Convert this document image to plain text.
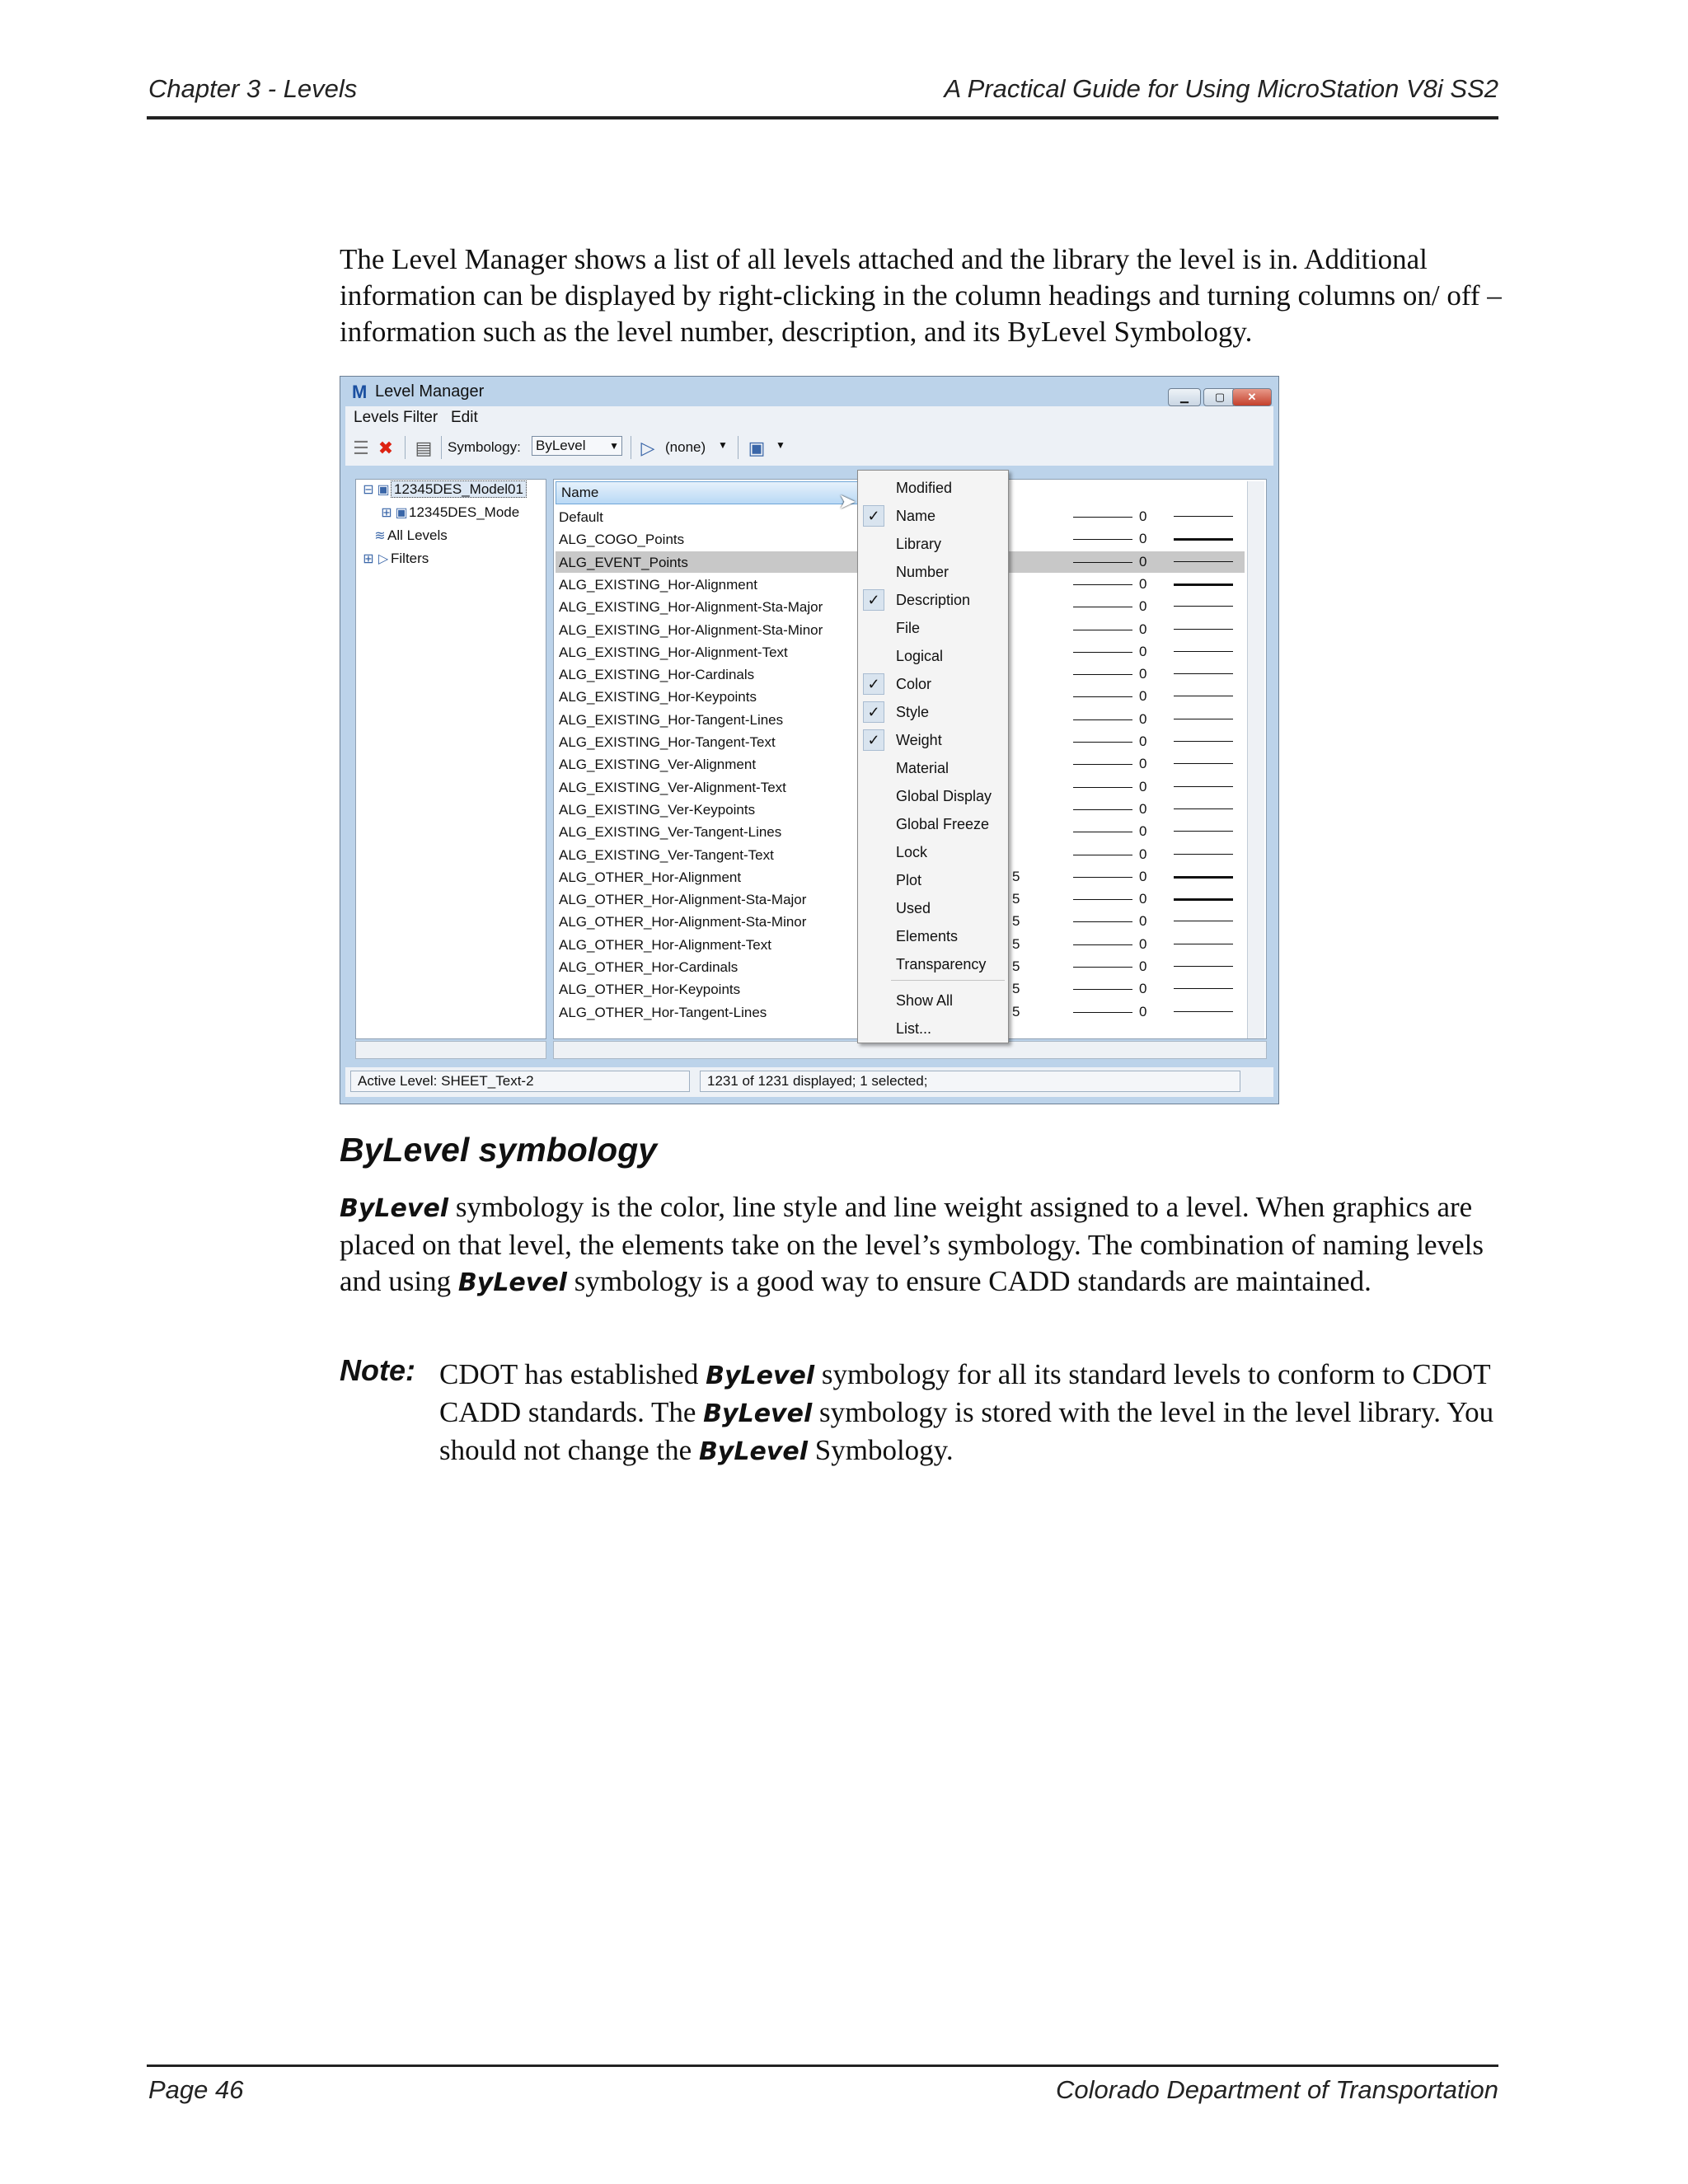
Chapter 3 - Levels	A Practical Guide for Using MicroStation V8i SS2
The Level Manager shows a list of all levels attached and the library the level is in. Additional information can be displayed by right-clicking in the column headings and turning columns on/ off – information such as the level number, description, and its ByLevel Symbology.
M Level Manager	▁	▢	✕
Levels Filter Edit
☰ ✖ ▤ Symbology: ByLevel ▼ ▷ (none) ▼ ▣	▼
⊟ ▣ 12345DES_Model01
⊞ ▣12345DES_Mode
≋ All Levels
⊞ ▷ Filters
Name
Default	0
ALG_COGO_Points	0
ALG_EVENT_Points	0
ALG_EXISTING_Hor-Alignment	0
ALG_EXISTING_Hor-Alignment-Sta-Major	0
ALG_EXISTING_Hor-Alignment-Sta-Minor	0
ALG_EXISTING_Hor-Alignment-Text	0
ALG_EXISTING_Hor-Cardinals	0
ALG_EXISTING_Hor-Keypoints	0
ALG_EXISTING_Hor-Tangent-Lines	0
ALG_EXISTING_Hor-Tangent-Text	0
ALG_EXISTING_Ver-Alignment	0
ALG_EXISTING_Ver-Alignment-Text	0
ALG_EXISTING_Ver-Keypoints	0
ALG_EXISTING_Ver-Tangent-Lines	0
ALG_EXISTING_Ver-Tangent-Text	0
ALG_OTHER_Hor-Alignment	5	0
ALG_OTHER_Hor-Alignment-Sta-Major	5	0
ALG_OTHER_Hor-Alignment-Sta-Minor	5	0
ALG_OTHER_Hor-Alignment-Text	5	0
ALG_OTHER_Hor-Cardinals	5	0
ALG_OTHER_Hor-Keypoints	5	0
ALG_OTHER_Hor-Tangent-Lines	5	0
Modified
✓	Name
Library
Number
✓	Description
File
Logical
✓	Color
✓	Style
✓	Weight
Material
Global Display
Global Freeze
Lock
Plot
Used
Elements
Transparency
Show All
List...
➤
Active Level: SHEET_Text-2	1231 of 1231 displayed; 1 selected;
ByLevel symbology
ByLevel symbology is the color, line style and line weight assigned to a level. When graphics are placed on that level, the elements take on the level’s symbology. The combination of naming levels and using ByLevel symbology is a good way to ensure CADD standards are maintained.
Note: CDOT has established ByLevel symbology for all its standard levels to conform to CDOT CADD standards. The ByLevel symbology is stored with the level in the level library. You should not change the ByLevel Symbology.
Page 46	Colorado Department of Transportation
